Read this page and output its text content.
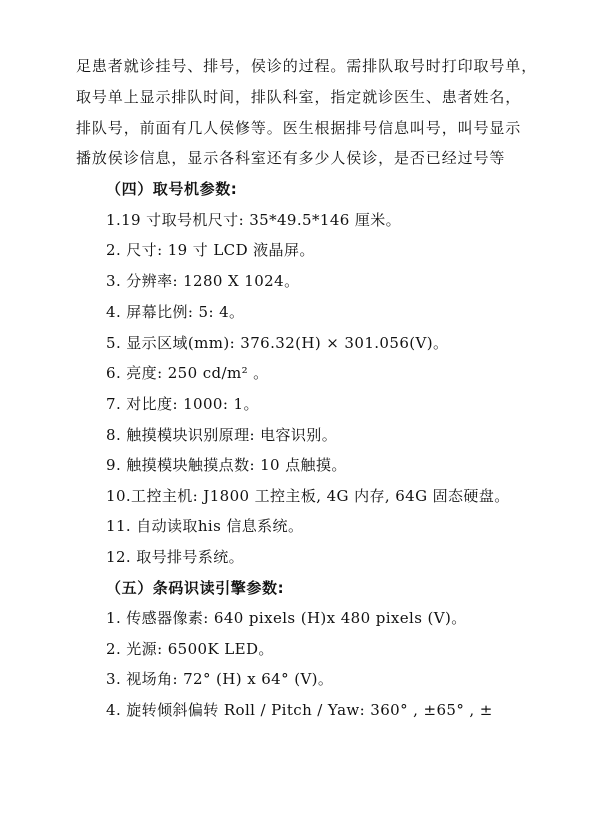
足患者就诊挂号、排号，侯诊的过程。需排队取号时打印取号单，
取号单上显示排队时间，排队科室，指定就诊医生、患者姓名，
排队号，前面有几人侯修等。医生根据排号信息叫号，叫号显示
播放侯诊信息，显示各科室还有多少人侯诊，是否已经过号等
（四）取号机参数:
1.19 寸取号机尺寸: 35*49.5*146 厘米。
2. 尺寸: 19 寸 LCD 液晶屏。
3. 分辨率: 1280 X 1024。
4. 屏幕比例: 5: 4。
5. 显示区域(mm): 376.32(H) × 301.056(V)。
6. 亮度: 250 cd/m² 。
7. 对比度: 1000: 1。
8. 触摸模块识别原理: 电容识别。
9. 触摸模块触摸点数: 10 点触摸。
10.工控主机: J1800 工控主板, 4G 内存, 64G 固态硬盘。
11. 自动读取his 信息系统。
12. 取号排号系统。
（五）条码识读引擎参数:
1. 传感器像素: 640 pixels (H)x 480 pixels (V)。
2. 光源: 6500K LED。
3. 视场角: 72° (H) x 64° (V)。
4. 旋转倾斜偏转 Roll / Pitch / Yaw: 360° , ±65° , ±
